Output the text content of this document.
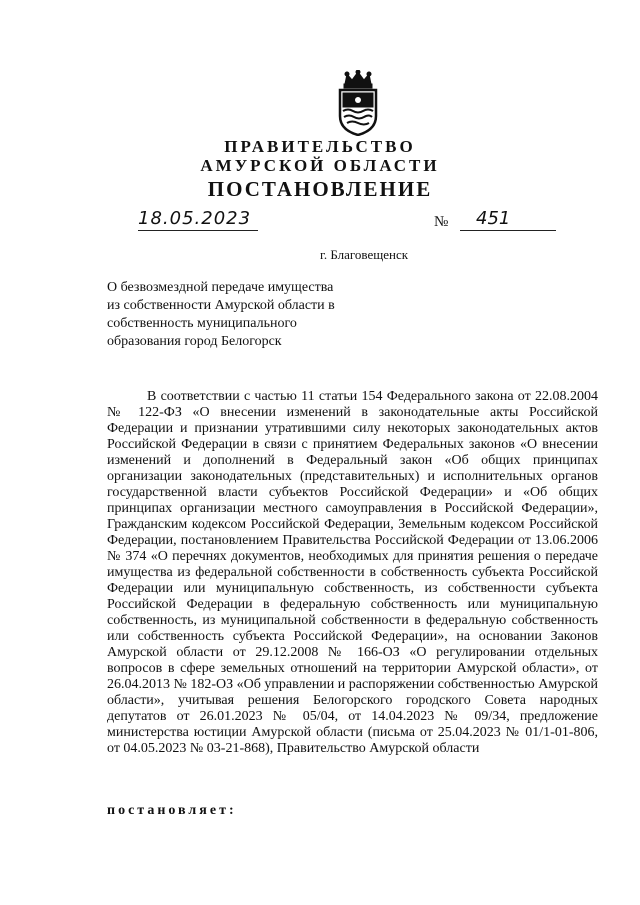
ПРАВИТЕЛЬСТВО
АМУРСКОЙ ОБЛАСТИ
ПОСТАНОВЛЕНИЕ
18.05.2023	№	451
г. Благовещенск
О безвозмездной передаче имущества из собственности Амурской области в собственность муниципального образования город Белогорск

В соответствии с частью 11 статьи 154 Федерального закона от 22.08.2004 № 122-ФЗ «О внесении изменений в законодательные акты Российской Федерации и признании утратившими силу некоторых законодательных актов Российской Федерации в связи с принятием Федеральных законов «О внесении изменений и дополнений в Федеральный закон «Об общих принципах организации законодательных (представительных) и исполнительных органов государственной власти субъектов Российской Федерации» и «Об общих принципах организации местного самоуправления в Российской Федерации», Гражданским кодексом Российской Федерации, Земельным кодексом Российской Федерации, постановлением Правительства Российской Федерации от 13.06.2006 № 374 «О перечнях документов, необходимых для принятия решения о передаче имущества из федеральной собственности в собственность субъекта Российской Федерации или муниципальную собственность, из собственности субъекта Российской Федерации в федеральную собственность или муниципальную собственность, из муниципальной собственности в федеральную собственность или собственность субъекта Российской Федерации», на основании Законов Амурской области от 29.12.2008 № 166-ОЗ «О регулировании отдельных вопросов в сфере земельных отношений на территории Амурской области», от 26.04.2013 № 182-ОЗ «Об управлении и распоряжении собственностью Амурской области», учитывая решения Белогорского городского Совета народных депутатов от 26.01.2023 № 05/04, от 14.04.2023 № 09/34, предложение министерства юстиции Амурской области (письма от 25.04.2023 № 01/1-01-806, от 04.05.2023 № 03-21-868), Правительство Амурской области

постановляет:
